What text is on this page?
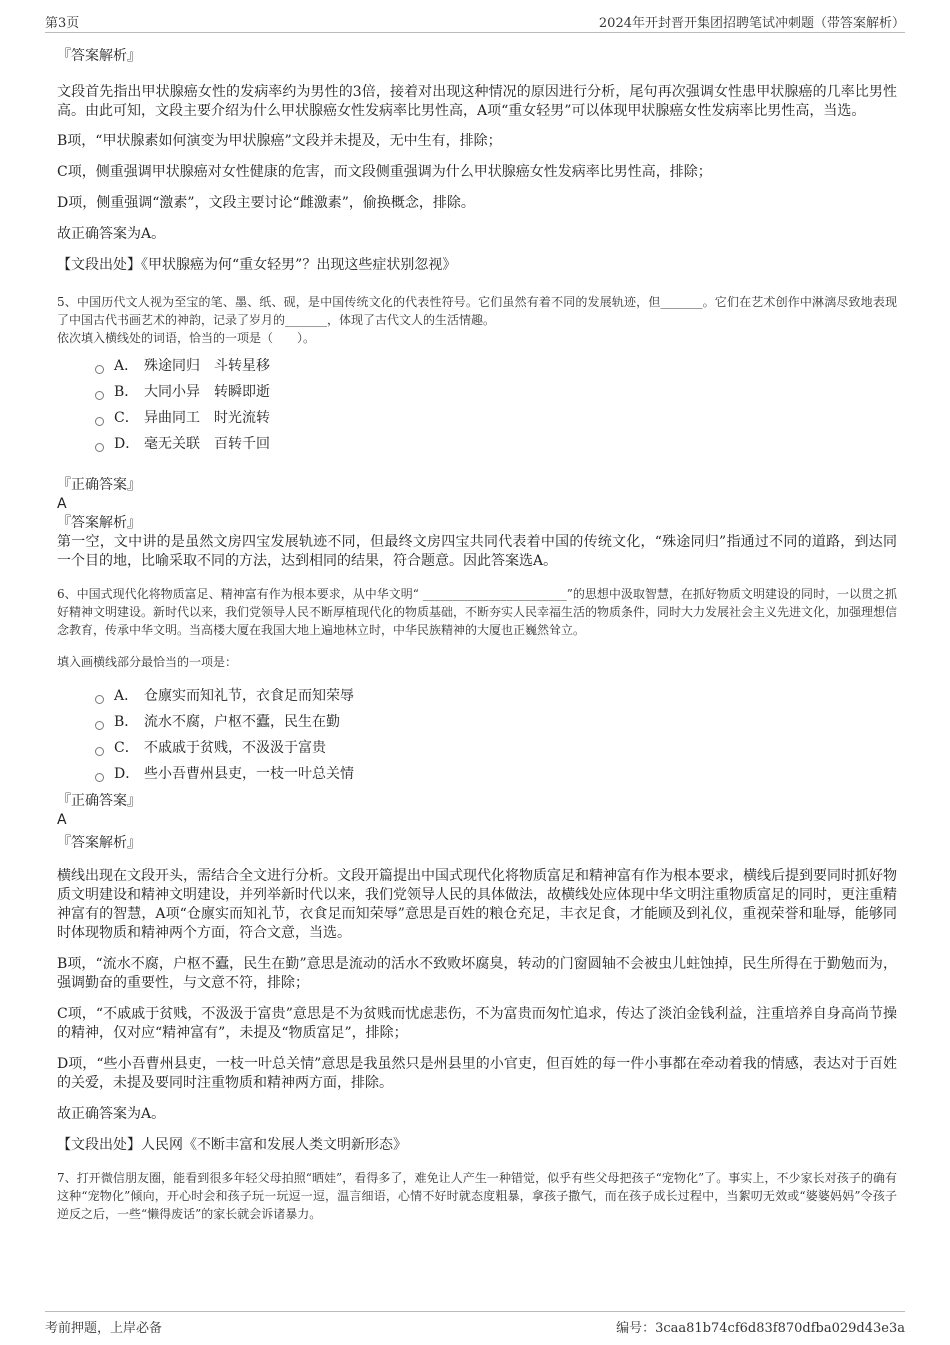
第3页	2024年开封晋开集团招聘笔试冲刺题（带答案解析）
『答案解析』
文段首先指出甲状腺癌女性的发病率约为男性的3倍，接着对出现这种情况的原因进行分析，尾句再次强调女性患甲状腺癌的几率比男性高。由此可知，文段主要介绍为什么甲状腺癌女性发病率比男性高，A项“重女轻男”可以体现甲状腺癌女性发病率比男性高，当选。
B项，“甲状腺素如何演变为甲状腺癌”文段并未提及，无中生有，排除；
C项，侧重强调甲状腺癌对女性健康的危害，而文段侧重强调为什么甲状腺癌女性发病率比男性高，排除；
D项，侧重强调“激素”，文段主要讨论“雌激素”，偷换概念，排除。
故正确答案为A。
【文段出处】《甲状腺癌为何“重女轻男”？出现这些症状别忽视》
5、中国历代文人视为至宝的笔、墨、纸、砚，是中国传统文化的代表性符号。它们虽然有着不同的发展轨迹，但_______。它们在艺术创作中淋漓尽致地表现了中国古代书画艺术的神韵，记录了岁月的_______，体现了古代文人的生活情趣。
依次填入横线处的词语，恰当的一项是（　　）。
A． 殊途同归　斗转星移
B． 大同小异　转瞬即逝
C． 异曲同工　时光流转
D． 毫无关联　百转千回
『正确答案』
A
『答案解析』
第一空，文中讲的是虽然文房四宝发展轨迹不同，但最终文房四宝共同代表着中国的传统文化，“殊途同归”指通过不同的道路，到达同一个目的地，比喻采取不同的方法，达到相同的结果，符合题意。因此答案选A。
6、中国式现代化将物质富足、精神富有作为根本要求，从中华文明“ ________________________”的思想中汲取智慧，在抓好物质文明建设的同时，一以贯之抓好精神文明建设。新时代以来，我们党领导人民不断厚植现代化的物质基础，不断夯实人民幸福生活的物质条件，同时大力发展社会主义先进文化，加强理想信念教育，传承中华文明。当高楼大厦在我国大地上遍地林立时，中华民族精神的大厦也正巍然耸立。
填入画横线部分最恰当的一项是：
A． 仓廪实而知礼节，衣食足而知荣辱
B． 流水不腐，户枢不蠹，民生在勤
C． 不戚戚于贫贱，不汲汲于富贵
D． 些小吾曹州县吏，一枝一叶总关情
『正确答案』
A
『答案解析』
横线出现在文段开头，需结合全文进行分析。文段开篇提出中国式现代化将物质富足和精神富有作为根本要求，横线后提到要同时抓好物质文明建设和精神文明建设，并列举新时代以来，我们党领导人民的具体做法，故横线处应体现中华文明注重物质富足的同时，更注重精神富有的智慧，A项“仓廪实而知礼节，衣食足而知荣辱”意思是百姓的粮仓充足，丰衣足食，才能顾及到礼仪，重视荣誉和耻辱，能够同时体现物质和精神两个方面，符合文意，当选。
B项，“流水不腐，户枢不蠹，民生在勤”意思是流动的活水不致败坏腐臭，转动的门窗圆轴不会被虫儿蛀蚀掉，民生所得在于勤勉而为，强调勤奋的重要性，与文意不符，排除；
C项，“不戚戚于贫贱，不汲汲于富贵”意思是不为贫贱而忧虑悲伤，不为富贵而匆忙追求，传达了淡泊金钱利益，注重培养自身高尚节操的精神，仅对应“精神富有”，未提及“物质富足”，排除；
D项，“些小吾曹州县吏，一枝一叶总关情”意思是我虽然只是州县里的小官吏，但百姓的每一件小事都在牵动着我的情感，表达对于百姓的关爱，未提及要同时注重物质和精神两方面，排除。
故正确答案为A。
【文段出处】人民网《不断丰富和发展人类文明新形态》
7、打开微信朋友圈，能看到很多年轻父母拍照“晒娃”，看得多了，难免让人产生一种错觉，似乎有些父母把孩子“宠物化”了。事实上，不少家长对孩子的确有这种“宠物化”倾向，开心时会和孩子玩一玩逗一逗，温言细语，心情不好时就态度粗暴，拿孩子撒气，而在孩子成长过程中，当絮叨无效或“婆婆妈妈”令孩子逆反之后，一些“懒得废话”的家长就会诉诸暴力。
考前押题，上岸必备	编号：3caa81b74cf6d83f870dfba029d43e3a
